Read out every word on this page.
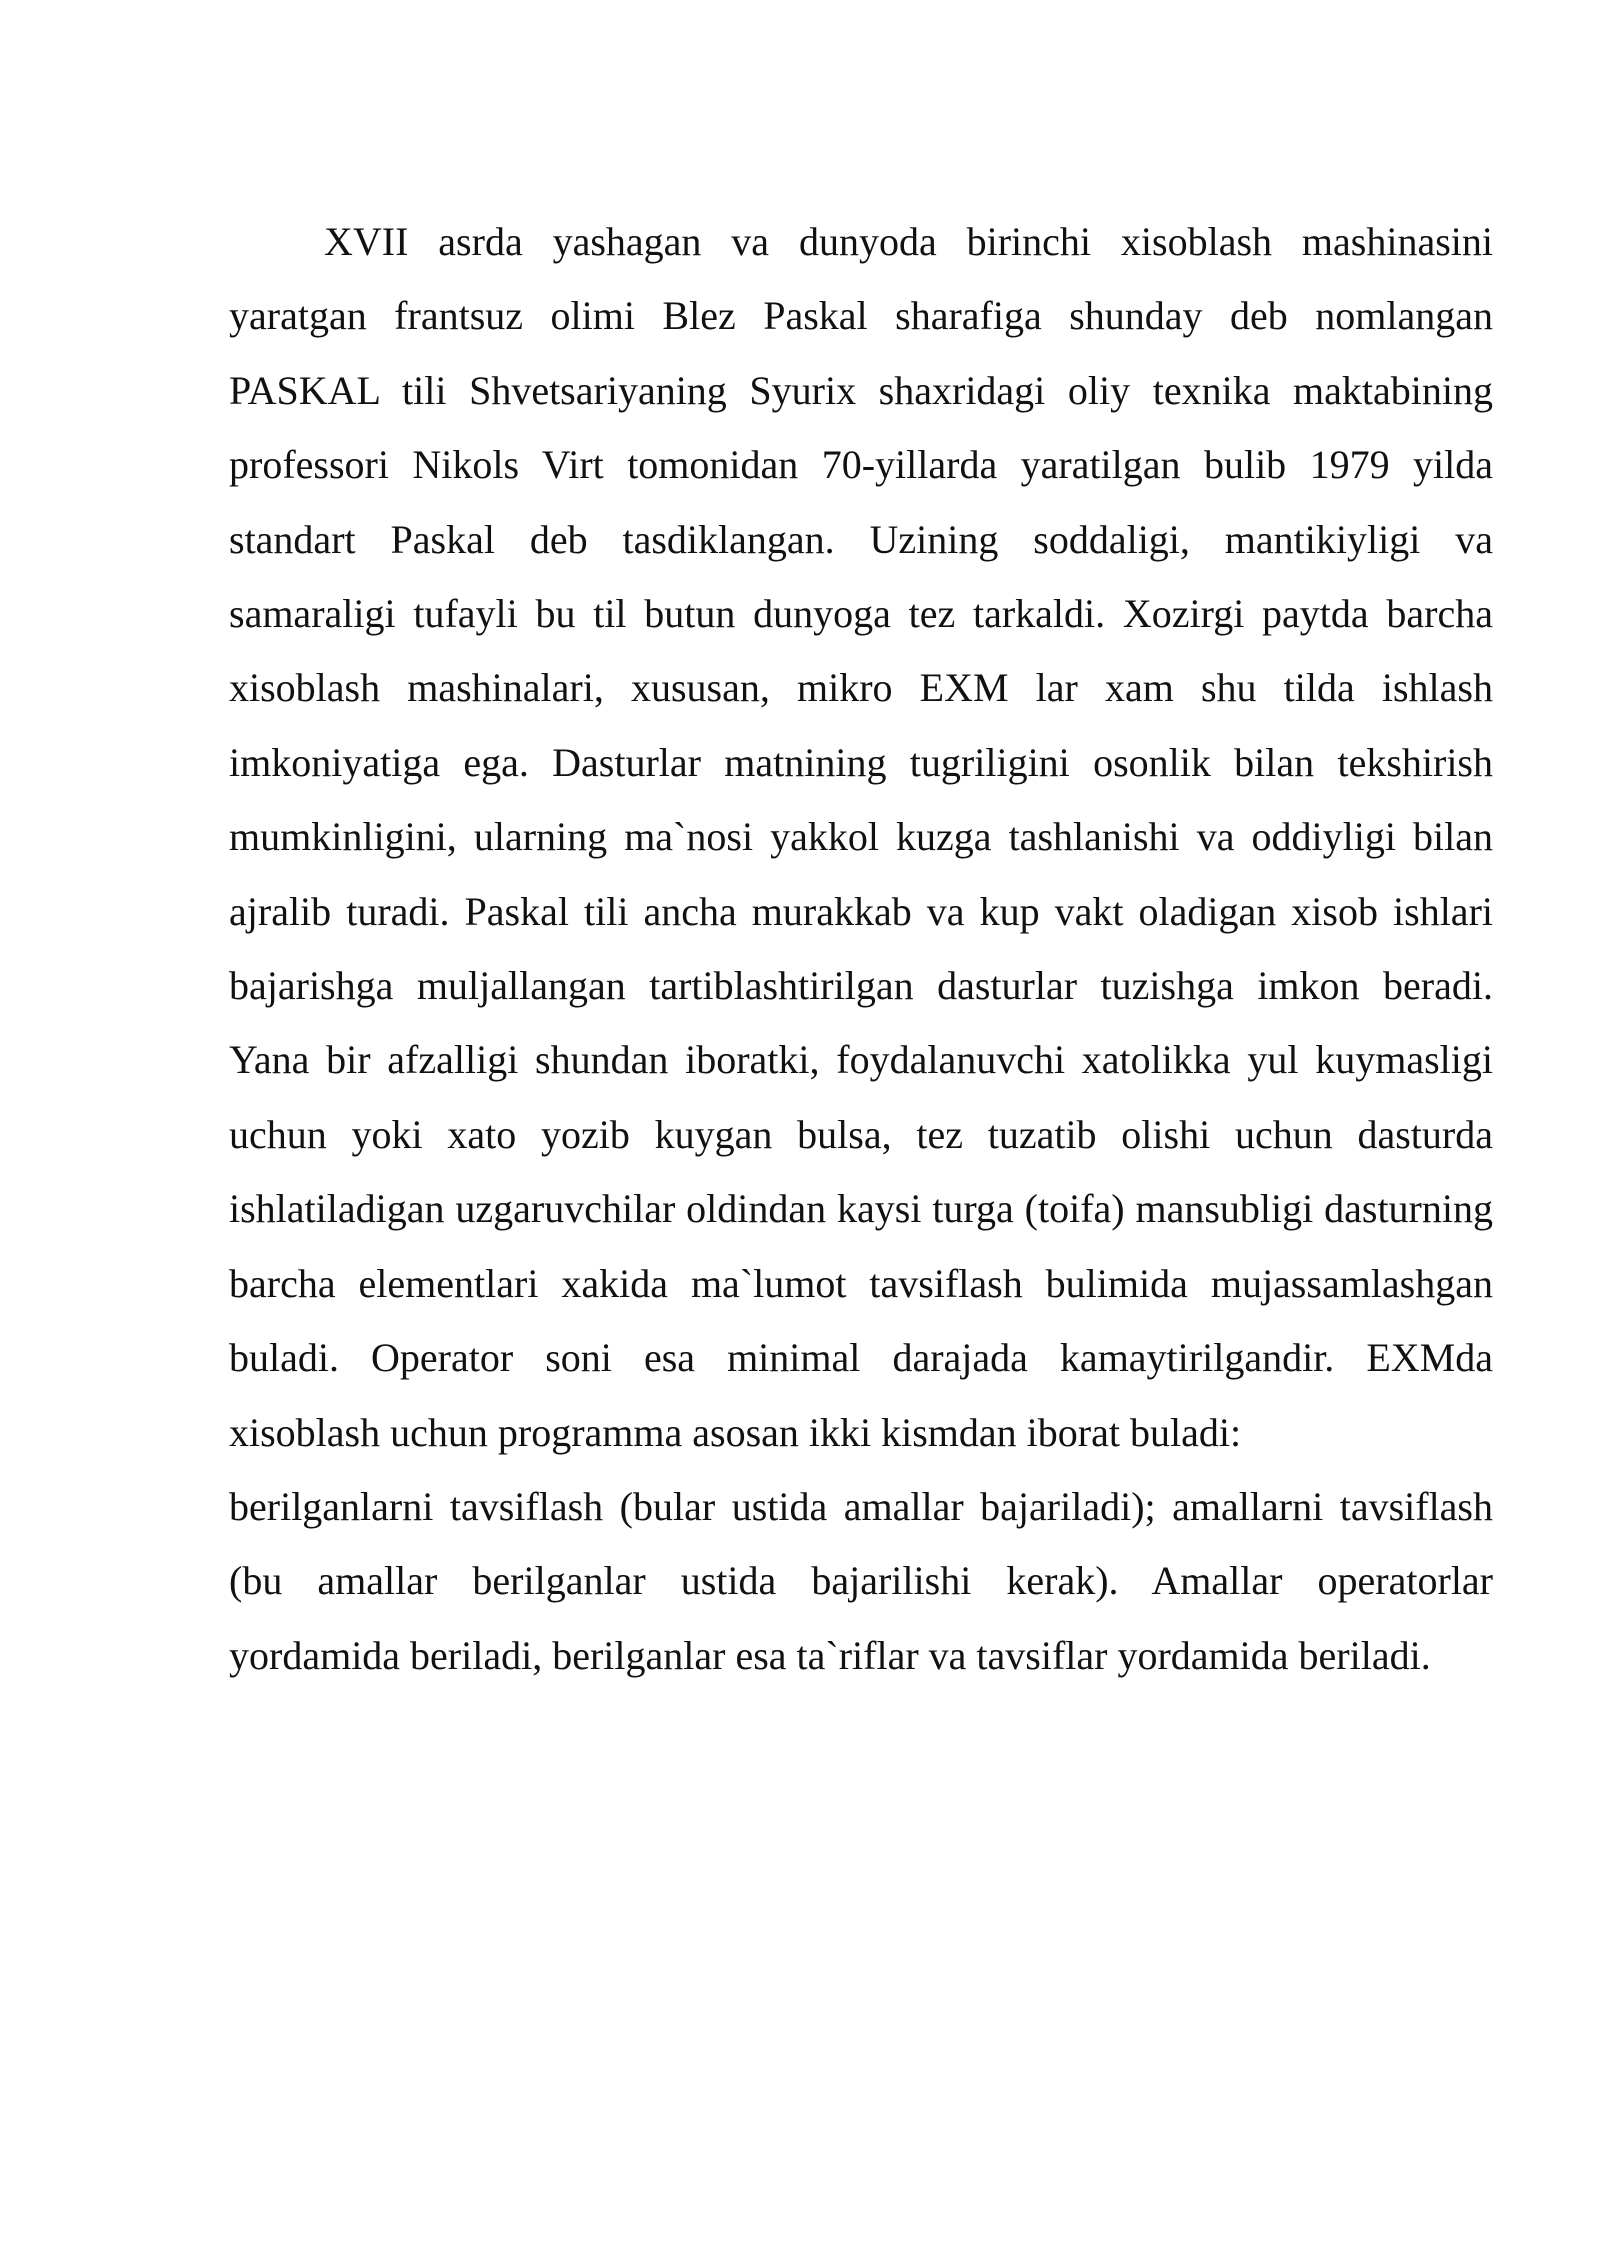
XVII asrda yashagan va dunyoda birinchi xisoblash mashinasini yaratgan frantsuz olimi Blez Paskal sharafiga shunday deb nomlangan PASKAL tili Shvetsariyaning Syurix shaxridagi oliy texnika maktabining professori Nikols Virt tomonidan 70-yillarda yaratilgan bulib 1979 yilda standart Paskal deb tasdiklangan. Uzining soddaligi, mantikiyligi va samaraligi tufayli bu til butun dunyoga tez tarkaldi. Xozirgi paytda barcha xisoblash mashinalari, xususan, mikro EXM lar xam shu tilda ishlash imkoniyatiga ega. Dasturlar matnining tugriligini osonlik bilan tekshirish mumkinligini, ularning ma`nosi yakkol kuzga tashlanishi va oddiyligi bilan ajralib turadi. Paskal tili ancha murakkab va kup vakt oladigan xisob ishlari bajarishga muljallangan tartiblashtirilgan dasturlar tuzishga imkon beradi. Yana bir afzalligi shundan iboratki, foydalanuvchi xatolikka yul kuymasligi uchun yoki xato yozib kuygan bulsa, tez tuzatib olishi uchun dasturda ishlatiladigan uzgaruvchilar oldindan kaysi turga (toifa) mansubligi dasturning barcha elementlari xakida ma`lumot tavsiflash bulimida mujassamlashgan buladi. Operator soni esa minimal darajada kamaytirilgandir. EXMda xisoblash uchun programma asosan ikki kismdan iborat buladi:

berilganlarni tavsiflash (bular ustida amallar bajariladi); amallarni tavsiflash (bu amallar berilganlar ustida bajarilishi kerak). Amallar operatorlar yordamida beriladi, berilganlar esa ta`riflar va tavsiflar yordamida beriladi.
